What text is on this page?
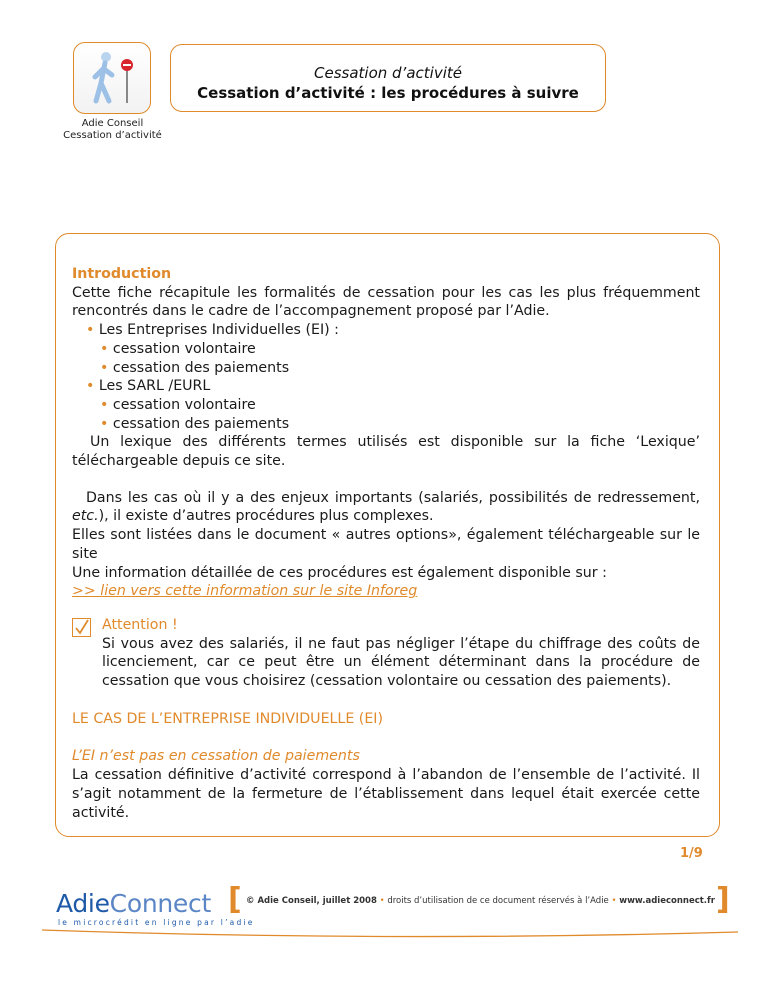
Adie Conseil
Cessation d’activité
Cessation d’activité
Cessation d’activité : les procédures à suivre

Introduction

Cette fiche récapitule les formalités de cessation pour les cas les plus fréquemment rencontrés dans le cadre de l’accompagnement proposé par l’Adie.

• Les Entreprises Individuelles (EI) :

• cessation volontaire

• cessation des paiements

• Les SARL /EURL

• cessation volontaire

• cessation des paiements

Un lexique des différents termes utilisés est disponible sur la fiche ‘Lexique’ téléchargeable depuis ce site.

Dans les cas où il y a des enjeux importants (salariés, possibilités de redressement, etc.), il existe d’autres procédures plus complexes.

Elles sont listées dans le document « autres options», également téléchargeable sur le site

Une information détaillée de ces procédures est également disponible sur :

>> lien vers cette information sur le site Inforeg

Attention !

Si vous avez des salariés, il ne faut pas négliger l’étape du chiffrage des coûts de licenciement, car ce peut être un élément déterminant dans la procédure de cessation que vous choisirez (cessation volontaire ou cessation des paiements).

LE CAS DE L’ENTREPRISE INDIVIDUELLE (EI)

L’EI n’est pas en cessation de paiements

La cessation définitive d’activité correspond à l’abandon de l’ensemble de l’activité. Il s’agit notamment de la fermeture de l’établissement dans lequel était exercée cette activité.

1/9
AdieConnect
le microcrédit en ligne par l’adie
[ © Adie Conseil, juillet 2008 • droits d’utilisation de ce document réservés à l’Adie • www.adieconnect.fr ]
